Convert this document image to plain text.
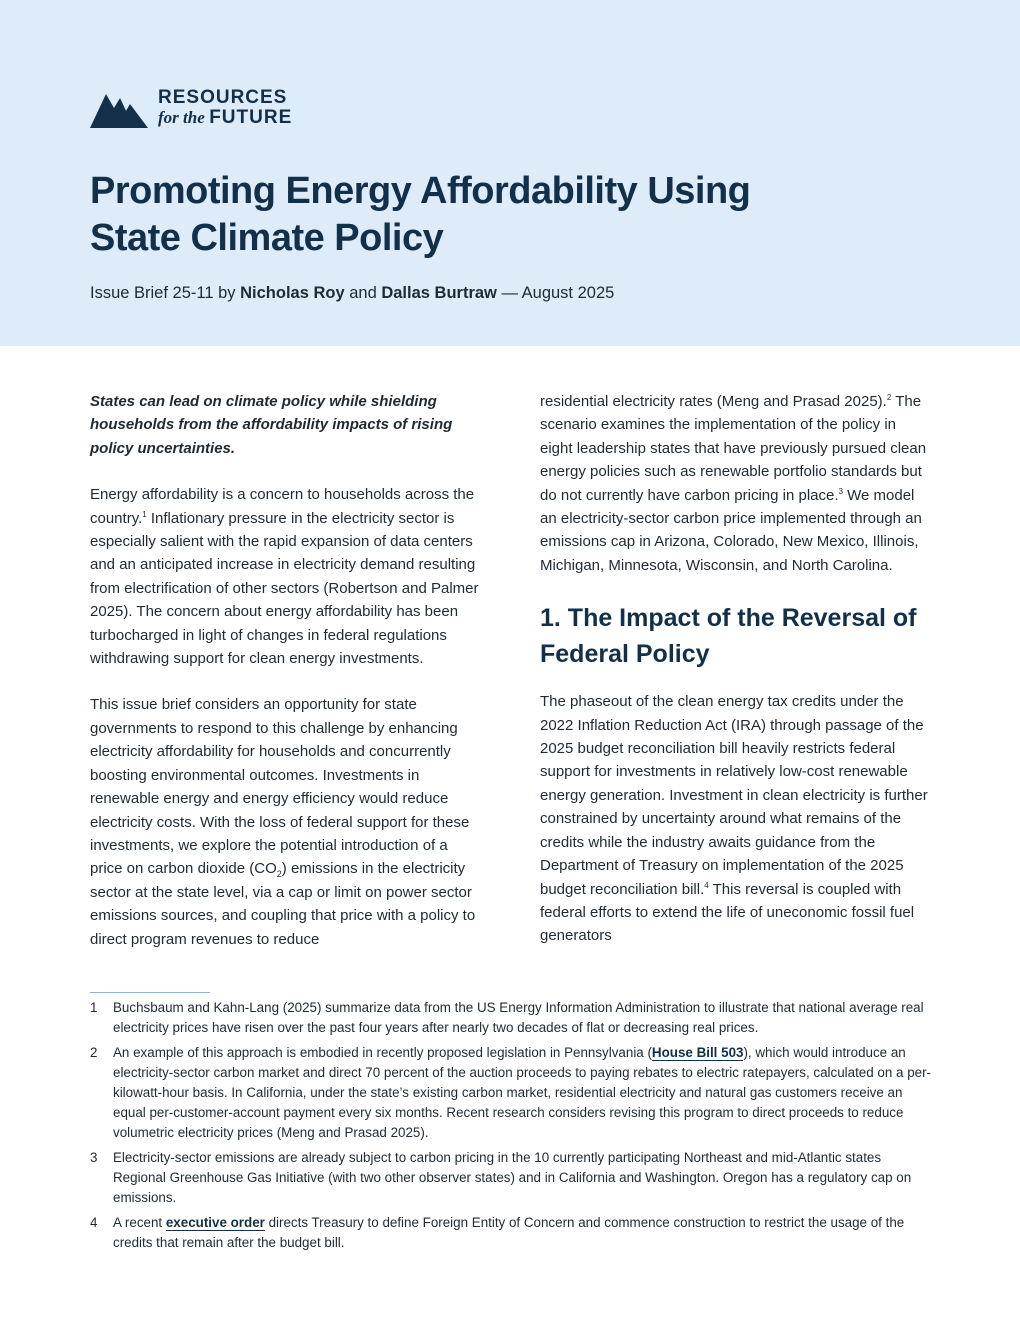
RESOURCES
for the FUTURE
Promoting Energy Affordability Using
State Climate Policy
Issue Brief 25-11 by Nicholas Roy and Dallas Burtraw — August 2025

States can lead on climate policy while shielding households from the affordability impacts of rising policy uncertainties.

Energy affordability is a concern to households across the country.$^1$ Inflationary pressure in the electricity sector is especially salient with the rapid expansion of data centers and an anticipated increase in electricity demand resulting from electrification of other sectors (Robertson and Palmer 2025). The concern about energy affordability has been turbocharged in light of changes in federal regulations withdrawing support for clean energy investments.

This issue brief considers an opportunity for state governments to respond to this challenge by enhancing electricity affordability for households and concurrently boosting environmental outcomes. Investments in renewable energy and energy efficiency would reduce electricity costs. With the loss of federal support for these investments, we explore the potential introduction of a price on carbon dioxide $(CO_2)$ emissions in the electricity sector at the state level, via a cap or limit on power sector emissions sources, and coupling that price with a policy to direct program revenues to reduce

residential electricity rates (Meng and Prasad 2025).$^2$ The scenario examines the implementation of the policy in eight leadership states that have previously pursued clean energy policies such as renewable portfolio standards but do not currently have carbon pricing in place.$^3$ We model an electricity-sector carbon price implemented through an emissions cap in Arizona, Colorado, New Mexico, Illinois, Michigan, Minnesota, Wisconsin, and North Carolina.

1. The Impact of the Reversal of Federal Policy

The phaseout of the clean energy tax credits under the 2022 Inflation Reduction Act (IRA) through passage of the 2025 budget reconciliation bill heavily restricts federal support for investments in relatively low-cost renewable energy generation. Investment in clean electricity is further constrained by uncertainty around what remains of the credits while the industry awaits guidance from the Department of Treasury on implementation of the 2025 budget reconciliation bill.$^4$ This reversal is coupled with federal efforts to extend the life of uneconomic fossil fuel generators

1	Buchsbaum and Kahn-Lang (2025) summarize data from the US Energy Information Administration to illustrate that national average real electricity prices have risen over the past four years after nearly two decades of flat or decreasing real prices.
2	An example of this approach is embodied in recently proposed legislation in Pennsylvania (House Bill 503), which would introduce an electricity-sector carbon market and direct 70 percent of the auction proceeds to paying rebates to electric ratepayers, calculated on a per-kilowatt-hour basis. In California, under the state’s existing carbon market, residential electricity and natural gas customers receive an equal per-customer-account payment every six months. Recent research considers revising this program to direct proceeds to reduce volumetric electricity prices (Meng and Prasad 2025).
3	Electricity-sector emissions are already subject to carbon pricing in the 10 currently participating Northeast and mid-Atlantic states Regional Greenhouse Gas Initiative (with two other observer states) and in California and Washington. Oregon has a regulatory cap on emissions.
4	A recent executive order directs Treasury to define Foreign Entity of Concern and commence construction to restrict the usage of the credits that remain after the budget bill.
